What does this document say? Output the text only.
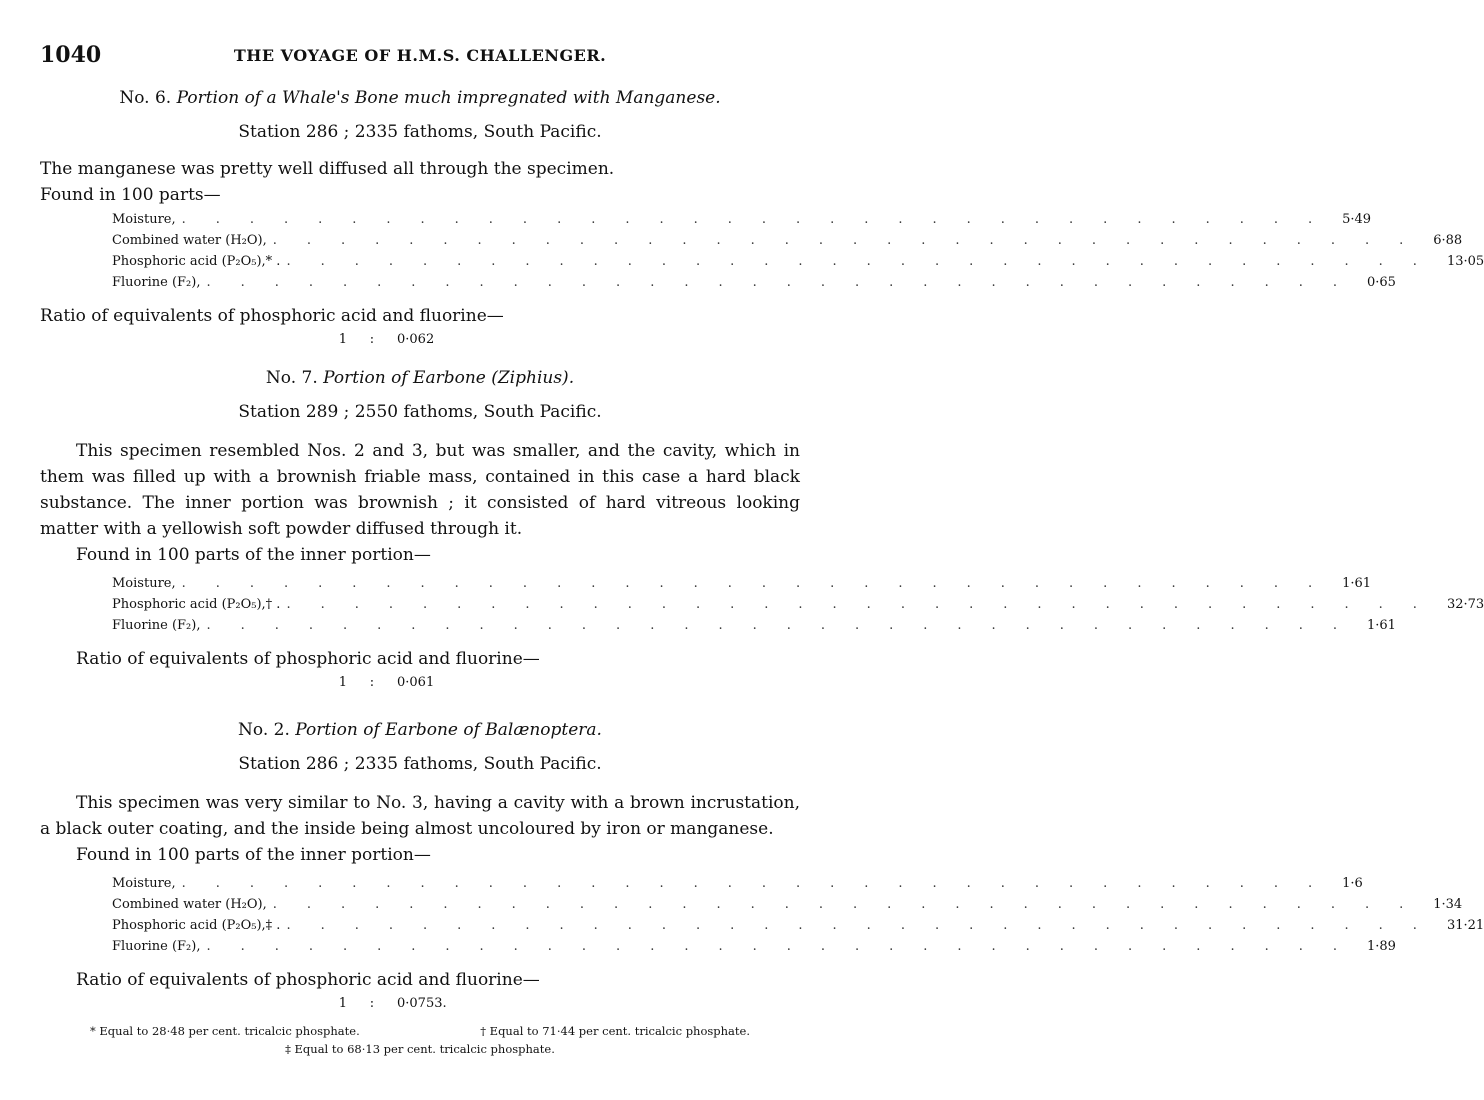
1040	THE VOYAGE OF H.M.S. CHALLENGER.
No. 6. Portion of a Whale's Bone much impregnated with Manganese.
Station 286 ; 2335 fathoms, South Pacific.
The manganese was pretty well diffused all through the specimen.
Found in 100 parts—
Moisture, .................................. 5·49
Combined water (H₂O), .................................. 6·88
Phosphoric acid (P₂O₅),* . .................................. 13·05
Fluorine (F₂), .................................. 0·65
Ratio of equivalents of phosphoric acid and fluorine—
1 : 0·062
No. 7. Portion of Earbone (Ziphius).
Station 289 ; 2550 fathoms, South Pacific.
This specimen resembled Nos. 2 and 3, but was smaller, and the cavity, which in them was filled up with a brownish friable mass, contained in this case a hard black substance. The inner portion was brownish ; it consisted of hard vitreous looking matter with a yellowish soft powder diffused through it.
Found in 100 parts of the inner portion—
Moisture, .................................. 1·61
Phosphoric acid (P₂O₅),† . .................................. 32·73
Fluorine (F₂), .................................. 1·61
Ratio of equivalents of phosphoric acid and fluorine—
1 : 0·061
No. 2. Portion of Earbone of Balænoptera.
Station 286 ; 2335 fathoms, South Pacific.
This specimen was very similar to No. 3, having a cavity with a brown incrustation, a black outer coating, and the inside being almost uncoloured by iron or manganese.
Found in 100 parts of the inner portion—
Moisture, .................................. 1·6
Combined water (H₂O), .................................. 1·34
Phosphoric acid (P₂O₅),‡ . .................................. 31·21
Fluorine (F₂), .................................. 1·89
Ratio of equivalents of phosphoric acid and fluorine—
1 : 0·0753.
* Equal to 28·48 per cent. tricalcic phosphate.	† Equal to 71·44 per cent. tricalcic phosphate.
‡ Equal to 68·13 per cent. tricalcic phosphate.
